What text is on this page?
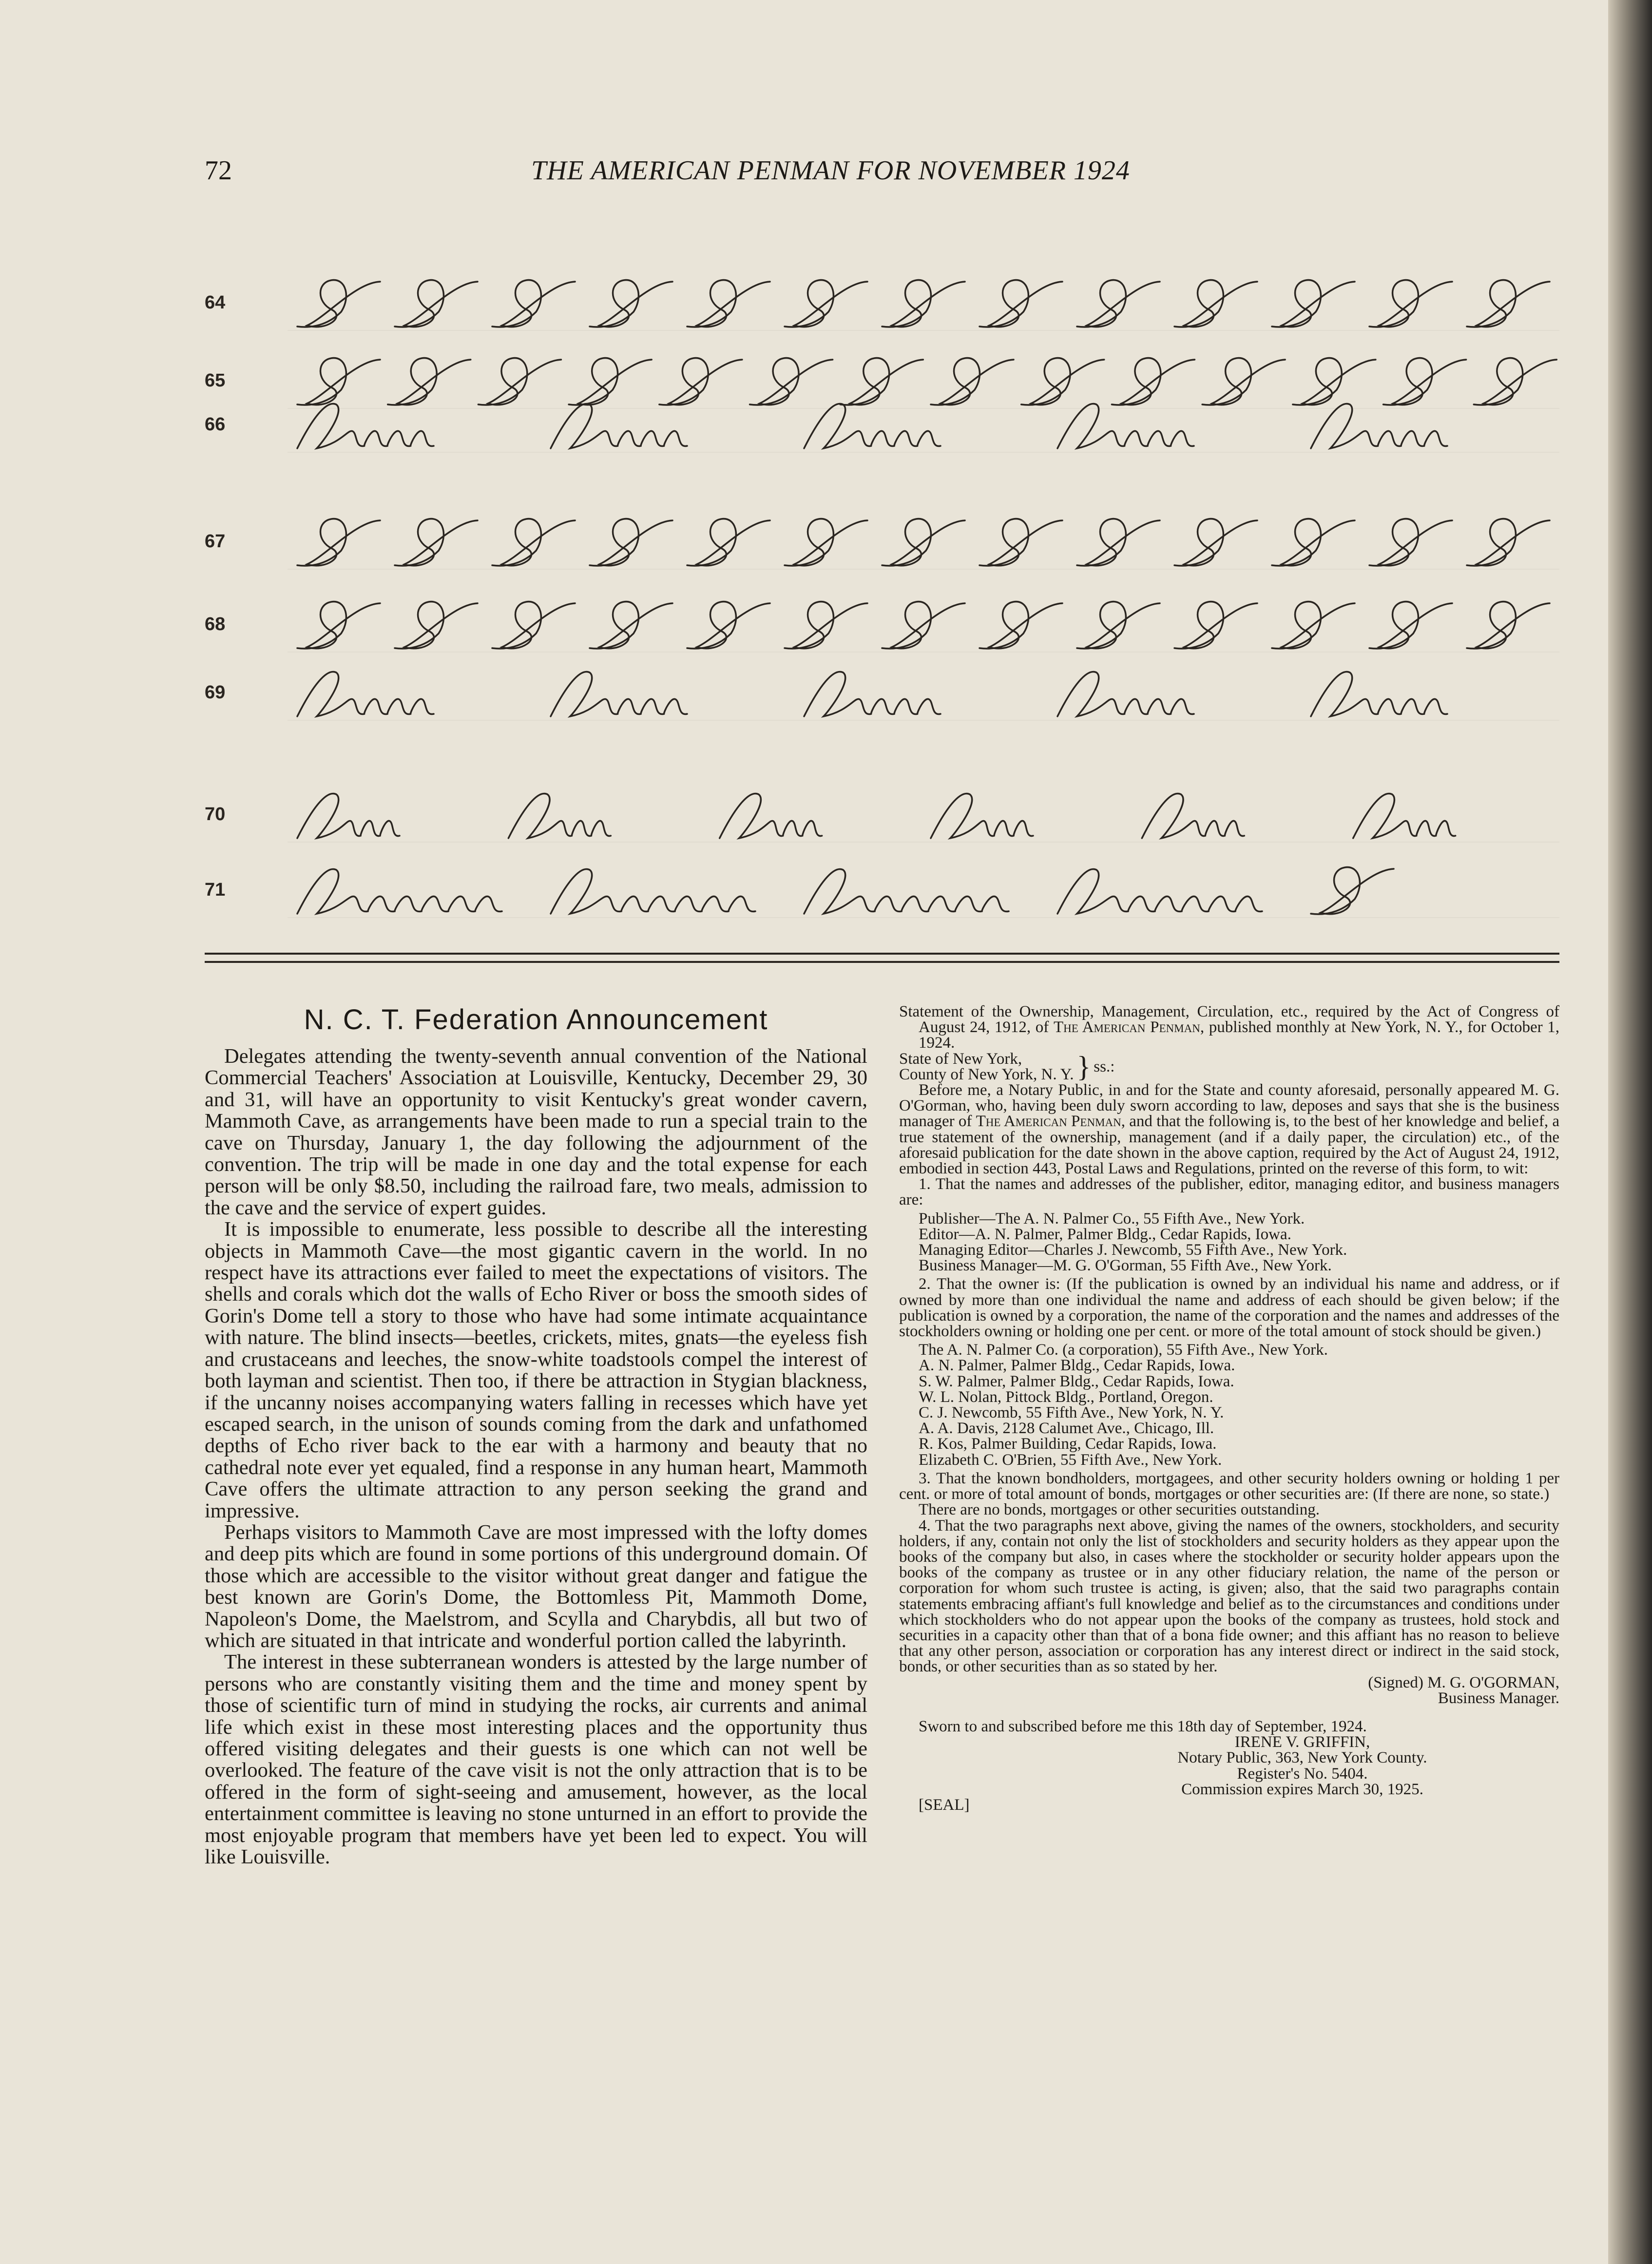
72	THE AMERICAN PENMAN FOR NOVEMBER 1924
64
65
66
67
68
69
70
71
N. C. T. Federation Announcement

Delegates attending the twenty-seventh annual convention of the National Commercial Teachers' Association at Louisville, Kentucky, December 29, 30 and 31, will have an opportunity to visit Kentucky's great wonder cavern, Mammoth Cave, as arrangements have been made to run a special train to the cave on Thursday, January 1, the day following the adjournment of the convention. The trip will be made in one day and the total expense for each person will be only $8.50, including the railroad fare, two meals, admission to the cave and the service of expert guides.

It is impossible to enumerate, less possible to describe all the interesting objects in Mammoth Cave—the most gigantic cavern in the world. In no respect have its attractions ever failed to meet the expectations of visitors. The shells and corals which dot the walls of Echo River or boss the smooth sides of Gorin's Dome tell a story to those who have had some intimate acquaintance with nature. The blind insects—beetles, crickets, mites, gnats—the eyeless fish and crustaceans and leeches, the snow-white toadstools compel the interest of both layman and scientist. Then too, if there be attraction in Stygian blackness, if the uncanny noises accompanying waters falling in recesses which have yet escaped search, in the unison of sounds coming from the dark and unfathomed depths of Echo river back to the ear with a harmony and beauty that no cathedral note ever yet equaled, find a response in any human heart, Mammoth Cave offers the ultimate attraction to any person seeking the grand and impressive.

Perhaps visitors to Mammoth Cave are most impressed with the lofty domes and deep pits which are found in some portions of this underground domain. Of those which are accessible to the visitor without great danger and fatigue the best known are Gorin's Dome, the Bottomless Pit, Mammoth Dome, Napoleon's Dome, the Maelstrom, and Scylla and Charybdis, all but two of which are situated in that intricate and wonderful portion called the labyrinth.

The interest in these subterranean wonders is attested by the large number of persons who are constantly visiting them and the time and money spent by those of scientific turn of mind in studying the rocks, air currents and animal life which exist in these most interesting places and the opportunity thus offered visiting delegates and their guests is one which can not well be overlooked. The feature of the cave visit is not the only attraction that is to be offered in the form of sight-seeing and amusement, however, as the local entertainment committee is leaving no stone unturned in an effort to provide the most enjoyable program that members have yet been led to expect. You will like Louisville.

Statement of the Ownership, Management, Circulation, etc., required by the Act of Congress of August 24, 1912, of The American Penman, published monthly at New York, N. Y., for October 1, 1924.

State of New York,
County of New York, N. Y. } ss.:

Before me, a Notary Public, in and for the State and county aforesaid, personally appeared M. G. O'Gorman, who, having been duly sworn according to law, deposes and says that she is the business manager of The American Penman, and that the following is, to the best of her knowledge and belief, a true statement of the ownership, management (and if a daily paper, the circulation) etc., of the aforesaid publication for the date shown in the above caption, required by the Act of August 24, 1912, embodied in section 443, Postal Laws and Regulations, printed on the reverse of this form, to wit:

1. That the names and addresses of the publisher, editor, managing editor, and business managers are:

Publisher—The A. N. Palmer Co., 55 Fifth Ave., New York.
Editor—A. N. Palmer, Palmer Bldg., Cedar Rapids, Iowa.
Managing Editor—Charles J. Newcomb, 55 Fifth Ave., New York.
Business Manager—M. G. O'Gorman, 55 Fifth Ave., New York.

2. That the owner is: (If the publication is owned by an individual his name and address, or if owned by more than one individual the name and address of each should be given below; if the publication is owned by a corporation, the name of the corporation and the names and addresses of the stockholders owning or holding one per cent. or more of the total amount of stock should be given.)

The A. N. Palmer Co. (a corporation), 55 Fifth Ave., New York.
A. N. Palmer, Palmer Bldg., Cedar Rapids, Iowa.
S. W. Palmer, Palmer Bldg., Cedar Rapids, Iowa.
W. L. Nolan, Pittock Bldg., Portland, Oregon.
C. J. Newcomb, 55 Fifth Ave., New York, N. Y.
A. A. Davis, 2128 Calumet Ave., Chicago, Ill.
R. Kos, Palmer Building, Cedar Rapids, Iowa.
Elizabeth C. O'Brien, 55 Fifth Ave., New York.

3. That the known bondholders, mortgagees, and other security holders owning or holding 1 per cent. or more of total amount of bonds, mortgages or other securities are: (If there are none, so state.)

There are no bonds, mortgages or other securities outstanding.

4. That the two paragraphs next above, giving the names of the owners, stockholders, and security holders, if any, contain not only the list of stockholders and security holders as they appear upon the books of the company but also, in cases where the stockholder or security holder appears upon the books of the company as trustee or in any other fiduciary relation, the name of the person or corporation for whom such trustee is acting, is given; also, that the said two paragraphs contain statements embracing affiant's full knowledge and belief as to the circumstances and conditions under which stockholders who do not appear upon the books of the company as trustees, hold stock and securities in a capacity other than that of a bona fide owner; and this affiant has no reason to believe that any other person, association or corporation has any interest direct or indirect in the said stock, bonds, or other securities than as so stated by her.

(Signed) M. G. O'GORMAN,

Business Manager.

Sworn to and subscribed before me this 18th day of September, 1924.

IRENE V. GRIFFIN,
Notary Public, 363, New York County.
Register's No. 5404.
Commission expires March 30, 1925.

[SEAL]
